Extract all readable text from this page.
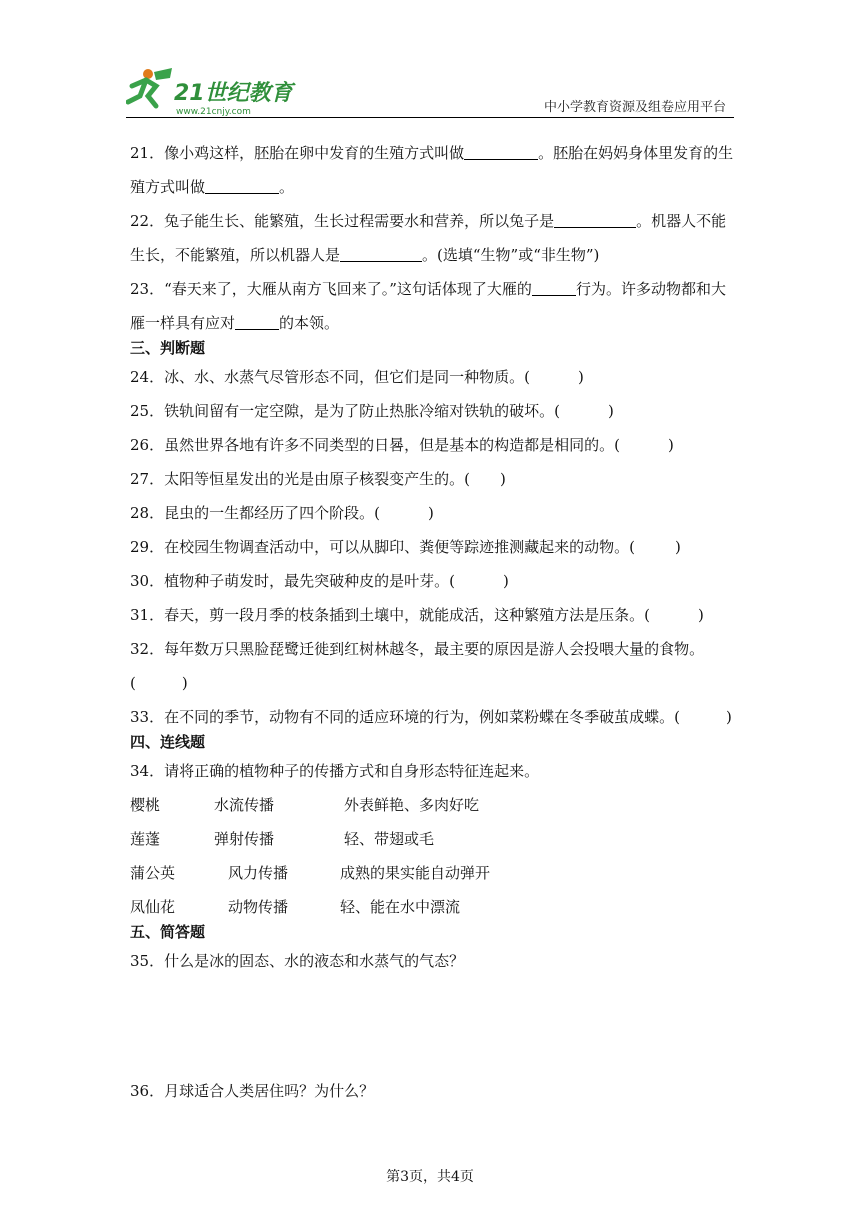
21世纪教育
www.21cnjy.com	中小学教育资源及组卷应用平台
21．像小鸡这样，胚胎在卵中发育的生殖方式叫做	。胚胎在妈妈身体里发育的生
殖方式叫做	。
22．兔子能生长、能繁殖，生长过程需要水和营养，所以兔子是	。机器人不能
生长，不能繁殖，所以机器人是	。(选填“生物”或“非生物”)
23．“春天来了，大雁从南方飞回来了。”这句话体现了大雁的	行为。许多动物都和大
雁一样具有应对	的本领。
三、判断题
24．冰、水、水蒸气尽管形态不同，但它们是同一种物质。(	)
25．铁轨间留有一定空隙，是为了防止热胀冷缩对铁轨的破坏。(	)
26．虽然世界各地有许多不同类型的日晷，但是基本的构造都是相同的。(	)
27．太阳等恒星发出的光是由原子核裂变产生的。( )
28．昆虫的一生都经历了四个阶段。(	)
29．在校园生物调查活动中，可以从脚印、粪便等踪迹推测藏起来的动物。(	)
30．植物种子萌发时，最先突破种皮的是叶芽。(	)
31．春天，剪一段月季的枝条插到土壤中，就能成活，这种繁殖方法是压条。(	)
32．每年数万只黑脸琵鹭迁徙到红树林越冬，最主要的原因是游人会投喂大量的食物。
(	)
33．在不同的季节，动物有不同的适应环境的行为，例如菜粉蝶在冬季破茧成蝶。(	)
四、连线题
34．请将正确的植物种子的传播方式和自身形态特征连起来。
樱桃	水流传播	外表鲜艳、多肉好吃
莲蓬	弹射传播	轻、带翅或毛
蒲公英	风力传播	成熟的果实能自动弹开
凤仙花	动物传播	轻、能在水中漂流
五、简答题
35．什么是冰的固态、水的液态和水蒸气的气态？
36．月球适合人类居住吗？为什么？
第3页，共4页
